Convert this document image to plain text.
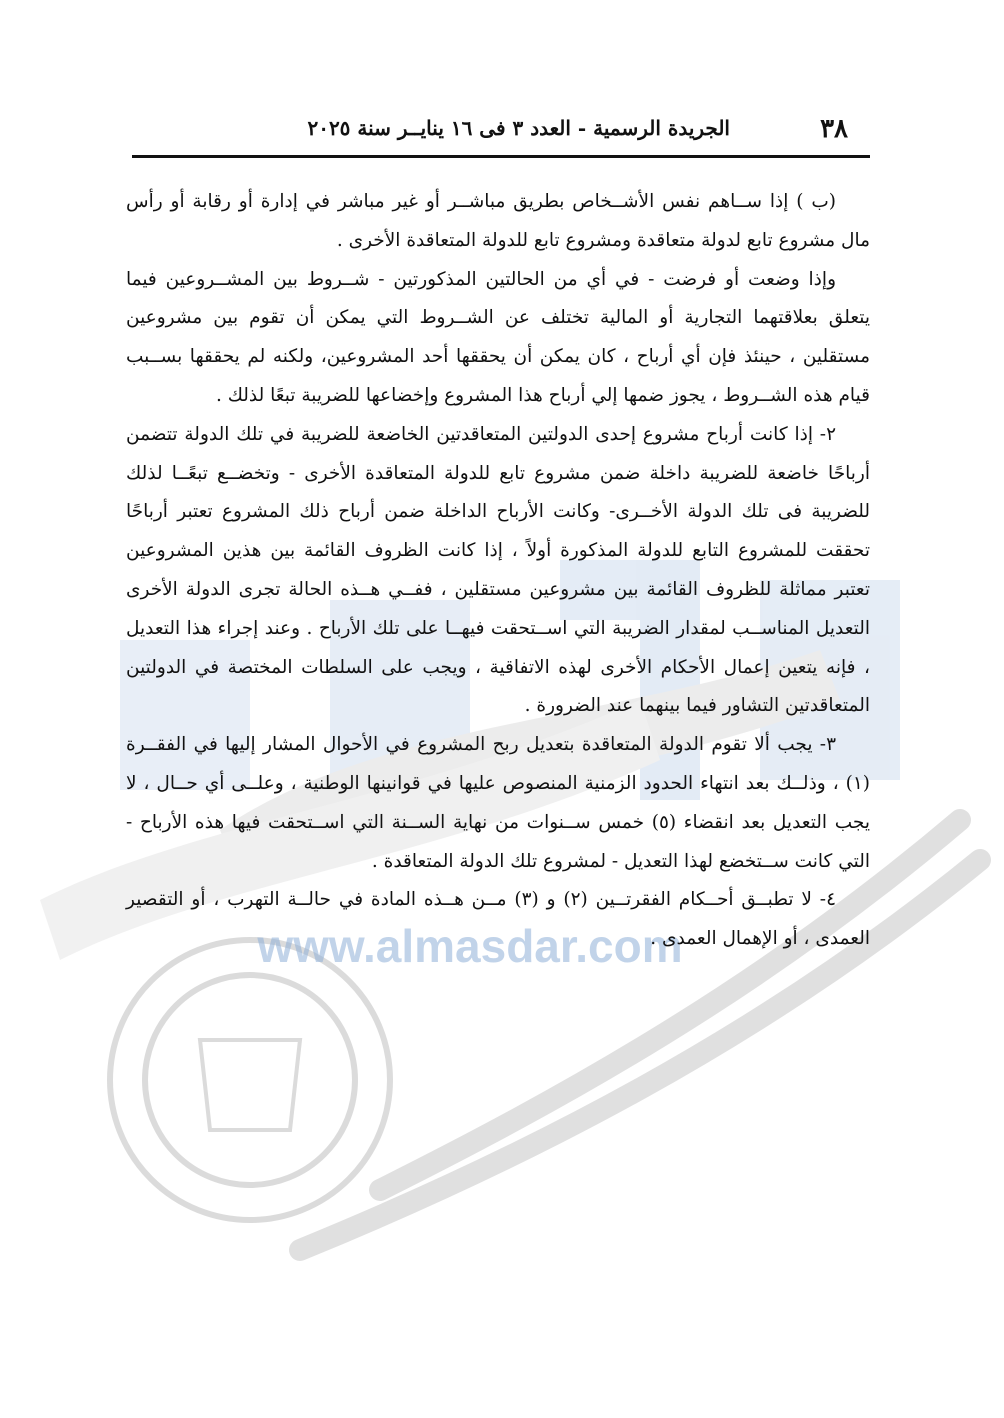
www.almasdar.com
٣٨
الجريدة الرسمية - العدد ٣ فى ١٦ ينايــر سنة ٢٠٢٥

(ب ) إذا ســاهم نفس الأشــخاص بطريق مباشــر أو غير مباشر في إدارة أو رقابة أو رأس مال مشروع تابع لدولة متعاقدة ومشروع تابع للدولة المتعاقدة الأخرى .

وإذا وضعت أو فرضت - في أي من الحالتين المذكورتين - شــروط بين المشــروعين فيما يتعلق بعلاقتهما التجارية أو المالية تختلف عن الشــروط التي يمكن أن تقوم بين مشروعين مستقلين ، حينئذ فإن أي أرباح ، كان يمكن أن يحققها أحد المشروعين، ولكنه لم يحققها بســبب قيام هذه الشــروط ، يجوز ضمها إلي أرباح هذا المشروع وإخضاعها للضريبة تبعًا لذلك .

٢- إذا كانت أرباح مشروع إحدى الدولتين المتعاقدتين الخاضعة للضريبة في تلك الدولة تتضمن أرباحًا خاضعة للضريبة داخلة ضمن مشروع تابع للدولة المتعاقدة الأخرى - وتخضــع تبعًــا لذلك للضريبة فى تلك الدولة الأخــرى- وكانت الأرباح الداخلة ضمن أرباح ذلك المشروع تعتبر أرباحًا تحققت للمشروع التابع للدولة المذكورة أولاً ، إذا كانت الظروف القائمة بين هذين المشروعين تعتبر مماثلة للظروف القائمة بين مشروعين مستقلين ، ففــي هــذه الحالة تجرى الدولة الأخرى التعديل المناســب لمقدار الضريبة التي اســتحقت فيهــا على تلك الأرباح . وعند إجراء هذا التعديل ، فإنه يتعين إعمال الأحكام الأخرى لهذه الاتفاقية ، ويجب على السلطات المختصة في الدولتين المتعاقدتين التشاور فيما بينهما عند الضرورة .

٣- يجب ألا تقوم الدولة المتعاقدة بتعديل ربح المشروع في الأحوال المشار إليها في الفقــرة (١) ، وذلــك بعد انتهاء الحدود الزمنية المنصوص عليها في قوانينها الوطنية ، وعلــى أي حــال ، لا يجب التعديل بعد انقضاء (٥) خمس ســنوات من نهاية الســنة التي اســتحقت فيها هذه الأرباح - التي كانت ســتخضع لهذا التعديل - لمشروع تلك الدولة المتعاقدة .

٤- لا تطبــق أحــكام الفقرتــين (٢) و (٣) مــن هــذه المادة في حالــة التهرب ، أو التقصير العمدى ، أو الإهمال العمدى .
